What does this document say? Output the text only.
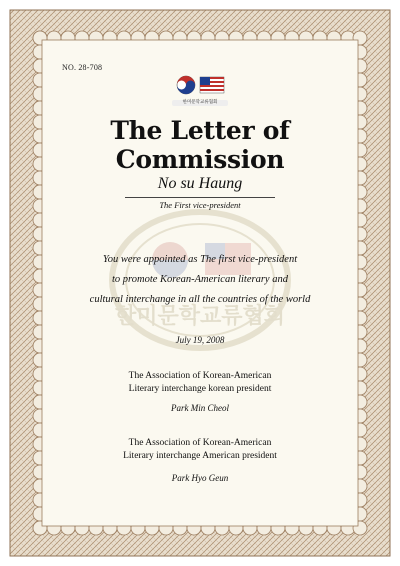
한미문학교류협회
NO. 28-708
한미문학교류협회
The Letter of Commission
No su Haung
The First vice-president
You were appointed as The first vice-president
to promote Korean-American literary and
cultural interchange in all the countries of the world
July 19, 2008
The Association of Korean-American
Literary interchange korean president
Park Min Cheol
The Association of Korean-American
Literary interchange American president
Park Hyo Geun
